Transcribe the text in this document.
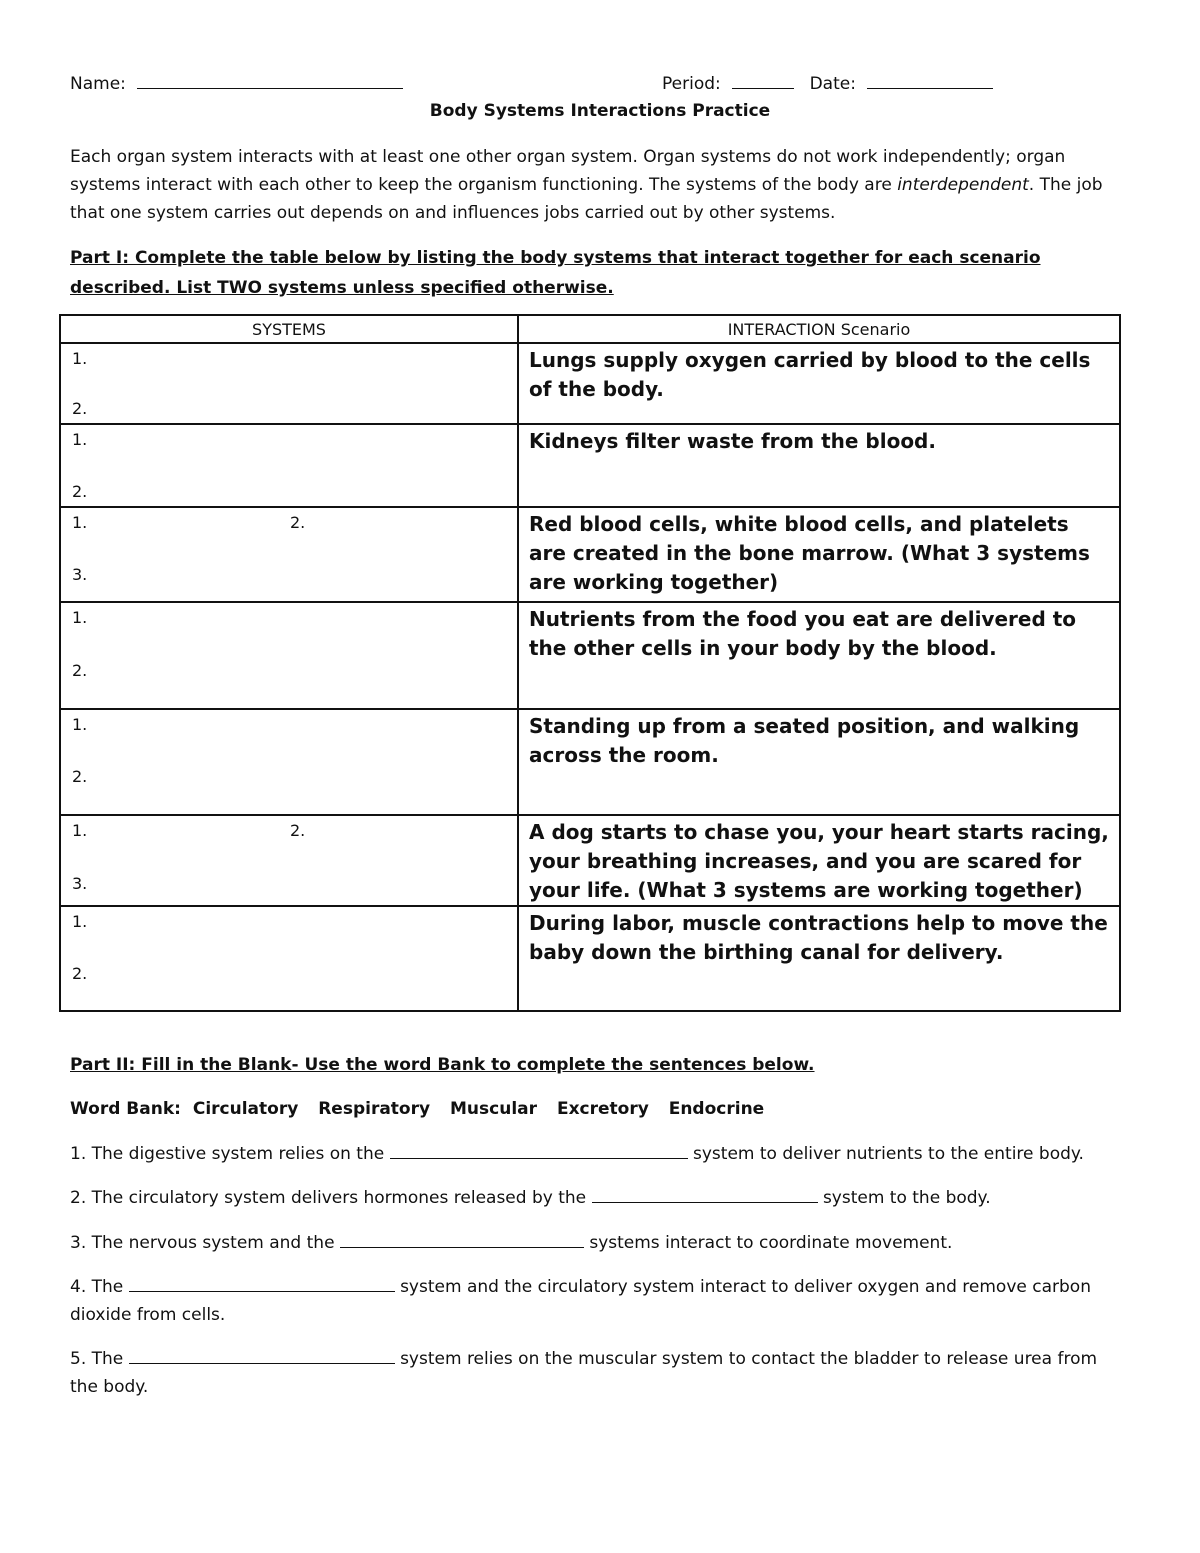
Name:	Period:	Date:
Body Systems Interactions Practice
Each organ system interacts with at least one other organ system. Organ systems do not work independently; organ systems interact with each other to keep the organism functioning. The systems of the body are interdependent. The job that one system carries out depends on and influences jobs carried out by other systems.
Part I: Complete the table below by listing the body systems that interact together for each scenario described. List TWO systems unless specified otherwise.
SYSTEMS	INTERACTION Scenario

1.
2.	Lungs supply oxygen carried by blood to the cells of the body.

1.
2.	Kidneys filter waste from the blood.

1. 2.
3.	Red blood cells, white blood cells, and platelets are created in the bone marrow. (What 3 systems are working together)

1.
2.	Nutrients from the food you eat are delivered to the other cells in your body by the blood.

1.
2.	Standing up from a seated position, and walking across the room.

1. 2.
3.	A dog starts to chase you, your heart starts racing, your breathing increases, and you are scared for your life. (What 3 systems are working together)

1.
2.	During labor, muscle contractions help to move the baby down the birthing canal for delivery.
Part II: Fill in the Blank- Use the word Bank to complete the sentences below.
Word Bank: Circulatory Respiratory Muscular Excretory Endocrine
1. The digestive system relies on the	system to deliver nutrients to the entire body.
2. The circulatory system delivers hormones released by the	system to the body.
3. The nervous system and the	systems interact to coordinate movement.
4. The	system and the circulatory system interact to deliver oxygen and remove carbon dioxide from cells.
5. The	system relies on the muscular system to contact the bladder to release urea from the body.
